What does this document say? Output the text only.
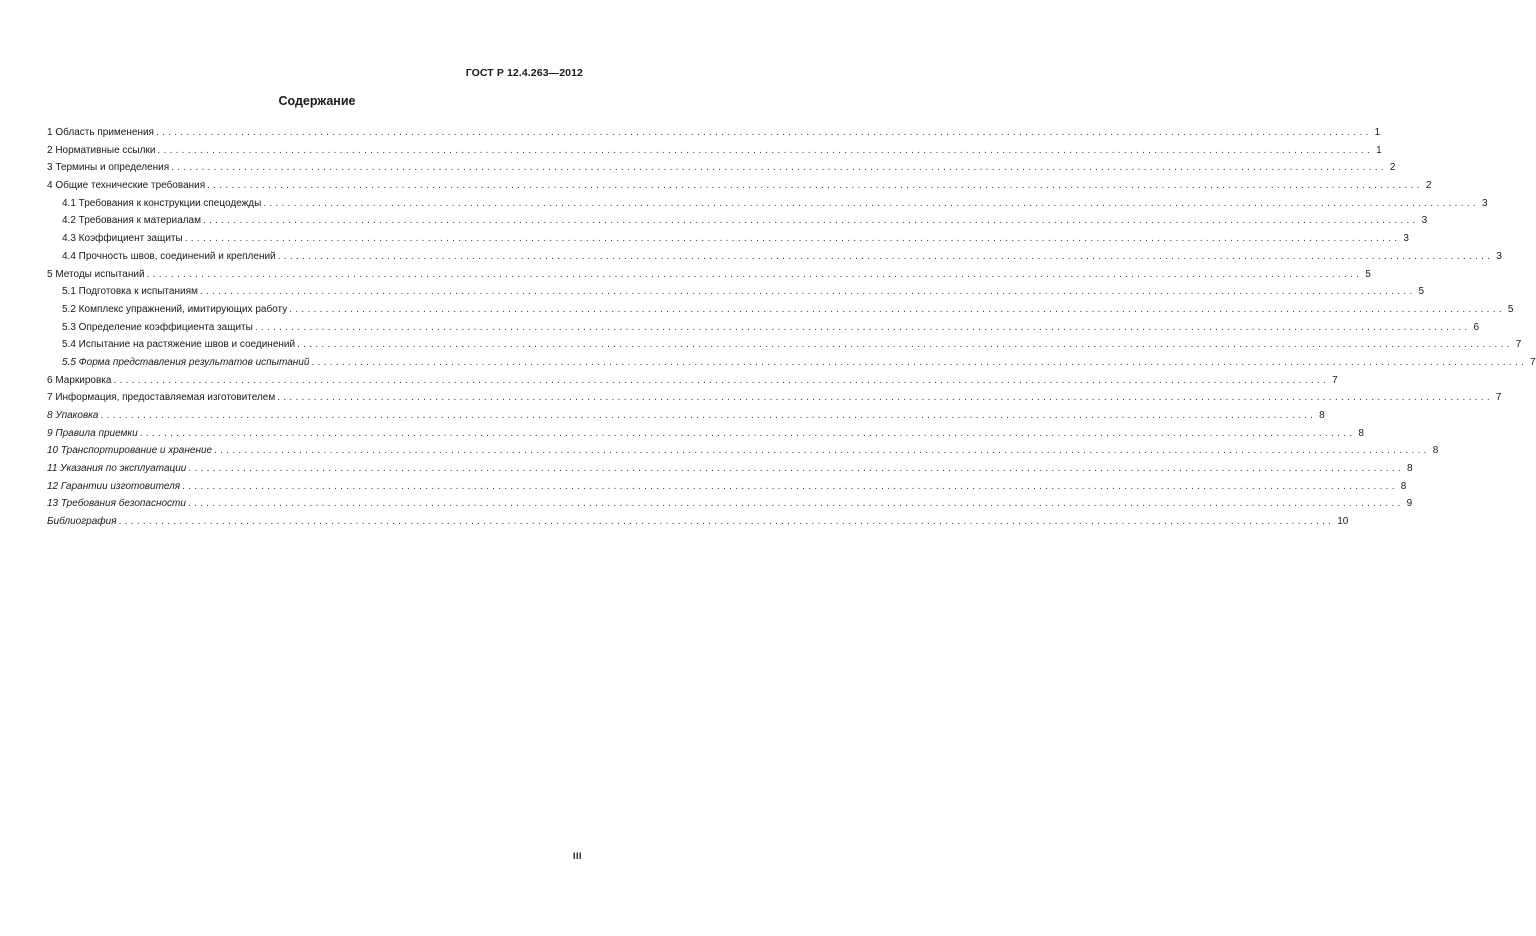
ГОСТ Р 12.4.263—2012
Содержание
1 Область применения ........................................................................................................................................................................................................ 1
2 Нормативные ссылки ........................................................................................................................................................................................................ 1
3 Термины и определения ........................................................................................................................................................................................................ 2
4 Общие технические требования ........................................................................................................................................................................................................ 2
4.1 Требования к конструкции спецодежды ........................................................................................................................................................................................................ 3
4.2 Требования к материалам ........................................................................................................................................................................................................ 3
4.3 Коэффициент защиты ........................................................................................................................................................................................................ 3
4.4 Прочность швов, соединений и креплений ........................................................................................................................................................................................................ 3
5 Методы испытаний ........................................................................................................................................................................................................ 5
5.1 Подготовка к испытаниям ........................................................................................................................................................................................................ 5
5.2 Комплекс упражнений, имитирующих работу ........................................................................................................................................................................................................ 5
5.3 Определение коэффициента защиты ........................................................................................................................................................................................................ 6
5.4 Испытание на растяжение швов и соединений ........................................................................................................................................................................................................ 7
5.5 Форма представления результатов испытаний ........................................................................................................................................................................................................ 7
6 Маркировка ........................................................................................................................................................................................................ 7
7 Информация, предоставляемая изготовителем ........................................................................................................................................................................................................ 7
8 Упаковка ........................................................................................................................................................................................................ 8
9 Правила приемки ........................................................................................................................................................................................................ 8
10 Транспортирование и хранение ........................................................................................................................................................................................................ 8
11 Указания по эксплуатации ........................................................................................................................................................................................................ 8
12 Гарантии изготовителя ........................................................................................................................................................................................................ 8
13 Требования безопасности ........................................................................................................................................................................................................ 9
Библиография ........................................................................................................................................................................................................ 10
III
